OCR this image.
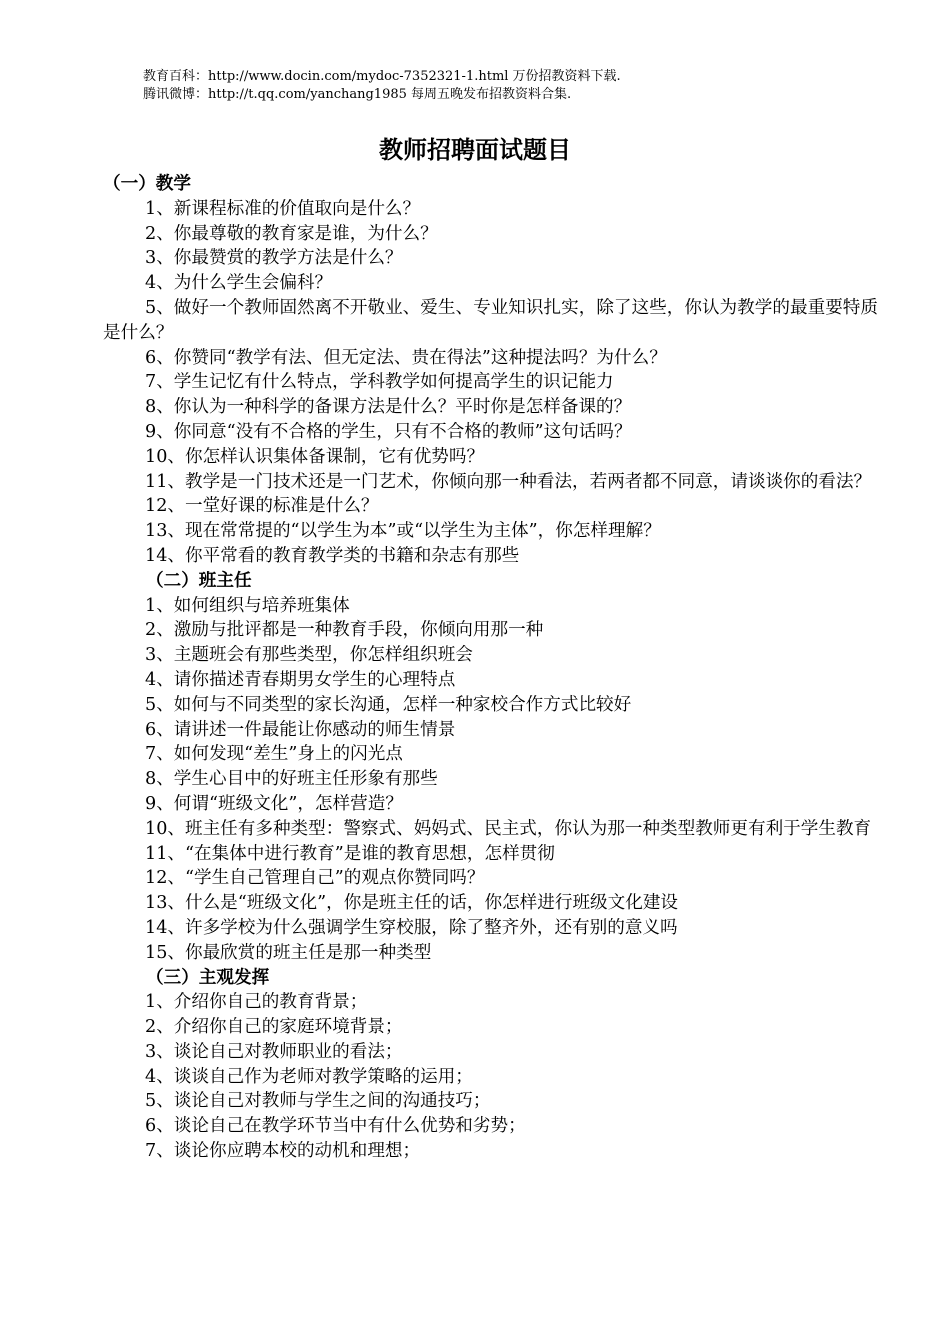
教育百科：http://www.docin.com/mydoc-7352321-1.html 万份招教资料下载.
腾讯微博：http://t.qq.com/yanchang1985 每周五晚发布招教资料合集.
教师招聘面试题目
（一）教学
1、新课程标准的价值取向是什么？
2、你最尊敬的教育家是谁，为什么？
3、你最赞赏的教学方法是什么？
4、为什么学生会偏科？
5、做好一个教师固然离不开敬业、爱生、专业知识扎实，除了这些，你认为教学的最重要特质是什么？
6、你赞同“教学有法、但无定法、贵在得法”这种提法吗？为什么？
7、学生记忆有什么特点，学科教学如何提高学生的识记能力
8、你认为一种科学的备课方法是什么？平时你是怎样备课的？
9、你同意“没有不合格的学生，只有不合格的教师”这句话吗？
10、你怎样认识集体备课制，它有优势吗？
11、教学是一门技术还是一门艺术，你倾向那一种看法，若两者都不同意，请谈谈你的看法？
12、一堂好课的标准是什么？
13、现在常常提的“以学生为本”或“以学生为主体”，你怎样理解？
14、你平常看的教育教学类的书籍和杂志有那些
（二）班主任
1、如何组织与培养班集体
2、激励与批评都是一种教育手段，你倾向用那一种
3、主题班会有那些类型，你怎样组织班会
4、请你描述青春期男女学生的心理特点
5、如何与不同类型的家长沟通，怎样一种家校合作方式比较好
6、请讲述一件最能让你感动的师生情景
7、如何发现“差生”身上的闪光点
8、学生心目中的好班主任形象有那些
9、何谓“班级文化”，怎样营造？
10、班主任有多种类型：警察式、妈妈式、民主式，你认为那一种类型教师更有利于学生教育
11、“在集体中进行教育”是谁的教育思想，怎样贯彻
12、“学生自己管理自己”的观点你赞同吗？
13、什么是“班级文化”，你是班主任的话，你怎样进行班级文化建设
14、许多学校为什么强调学生穿校服，除了整齐外，还有别的意义吗
15、你最欣赏的班主任是那一种类型
（三）主观发挥
1、介绍你自己的教育背景；
2、介绍你自己的家庭环境背景；
3、谈论自己对教师职业的看法；
4、谈谈自己作为老师对教学策略的运用；
5、谈论自己对教师与学生之间的沟通技巧；
6、谈论自己在教学环节当中有什么优势和劣势；
7、谈论你应聘本校的动机和理想；
